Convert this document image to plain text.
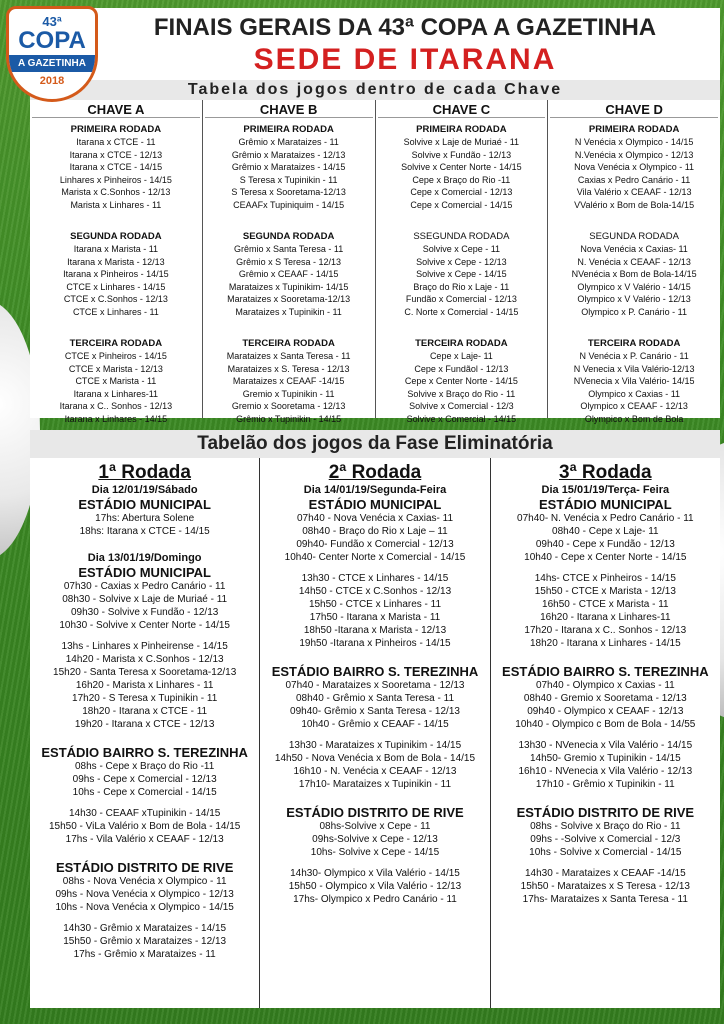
43ª
COPA
A GAZETINHA
2018
FINAIS GERAIS DA 43ª COPA A GAZETINHA
SEDE DE ITARANA
Tabela dos jogos dentro de cada Chave
CHAVE A
PRIMEIRA RODADA
Itarana x CTCE - 11
Itarana x CTCE - 12/13
Itarana x CTCE - 14/15
Linhares x Pinheiros - 14/15
Marista x C.Sonhos - 12/13
Marista x Linhares - 11
SEGUNDA RODADA
Itarana x Marista - 11
Itarana x Marista - 12/13
Itarana x Pinheiros - 14/15
CTCE x Linhares - 14/15
CTCE x C.Sonhos - 12/13
CTCE x Linhares - 11
TERCEIRA RODADA
CTCE x Pinheiros - 14/15
CTCE x Marista - 12/13
CTCE x Marista - 11
Itarana x Linhares-11
Itarana x C.. Sonhos - 12/13
Itarana x Linhares - 14/15
CHAVE B
PRIMEIRA RODADA
Grêmio x Marataizes - 11
Grêmio x Marataizes - 12/13
Grêmio x Marataizes - 14/15
S Teresa x Tupinikin - 11
S Teresa x Sooretama-12/13
CEAAFx Tupiniquim - 14/15
SEGUNDA RODADA
Grêmio x Santa Teresa - 11
Grêmio x S Teresa - 12/13
Grêmio x CEAAF - 14/15
Marataizes x Tupinikim- 14/15
Marataizes x Sooretama-12/13
Marataizes x Tupinikin - 11
TERCEIRA RODADA
Marataizes x Santa Teresa - 11
Marataizes x S. Teresa - 12/13
Marataizes x CEAAF -14/15
Gremio x Tupinikin - 11
Gremio x Sooretama - 12/13
Grêmio x Tupinikin - 14/15
CHAVE C
PRIMEIRA RODADA
Solvive x Laje de Muriaé - 11
Solvive x Fundão - 12/13
Solvive x Center Norte - 14/15
Cepe x Braço do Rio -11
Cepe x Comercial - 12/13
Cepe x Comercial - 14/15
SSEGUNDA RODADA
Solvive x Cepe - 11
Solvive x Cepe - 12/13
Solvive x Cepe - 14/15
Braço do Rio x Laje - 11
Fundão x Comercial - 12/13
C. Norte x Comercial - 14/15
TERCEIRA RODADA
Cepe x Laje- 11
Cepe x Fundãol - 12/13
Cepe x Center Norte - 14/15
Solvive x Braço do Rio - 11
Solvive x Comercial - 12/3
Solvive x Comercial - 14/15
CHAVE D
PRIMEIRA RODADA
N Venécia x Olympico - 14/15
N.Venécia x Olympico - 12/13
Nova Venécia x Olympico - 11
Caxias x Pedro Canário - 11
Vila Valério x CEAAF - 12/13
VValério x Bom de Bola-14/15
SEGUNDA RODADA
Nova Venécia x Caxias- 11
N. Venécia x CEAAF - 12/13
NVenécia x Bom de Bola-14/15
Olympico x V Valério - 14/15
Olympico x V Valério - 12/13
Olympico x P. Canário - 11
TERCEIRA RODADA
N Venécia x P. Canário - 11
N Venecia x Vila Valério-12/13
NVenecia x Vila Valério- 14/15
Olympico x Caxias - 11
Olympico x CEAAF - 12/13
Olympico x Bom de Bola
Tabelão dos jogos da Fase Eliminatória
1ª Rodada
Dia 12/01/19/Sábado
ESTÁDIO MUNICIPAL
17hs: Abertura Solene
18hs: Itarana x CTCE - 14/15
Dia 13/01/19/Domingo
ESTÁDIO MUNICIPAL
07h30 - Caxias x Pedro Canário - 11
08h30 - Solvive x Laje de Muriaé - 11
09h30 - Solvive x Fundão - 12/13
10h30 - Solvive x Center Norte - 14/15
13hs - Linhares x Pinheirense - 14/15
14h20 - Marista x C.Sonhos - 12/13
15h20 - Santa Teresa x Sooretama-12/13
16h20 - Marista x Linhares - 11
17h20 - S Teresa x Tupinikin - 11
18h20 - Itarana x CTCE - 11
19h20 - Itarana x CTCE - 12/13
ESTÁDIO BAIRRO S. TEREZINHA
08hs - Cepe x Braço do Rio -11
09hs - Cepe x Comercial - 12/13
10hs - Cepe x Comercial - 14/15
14h30 - CEAAF xTupinikin - 14/15
15h50 - ViLa Valério x Bom de Bola - 14/15
17hs - Vila Valério x CEAAF - 12/13
ESTÁDIO DISTRITO DE RIVE
08hs - Nova Venécia x Olympico - 11
09hs - Nova Venécia x Olympico - 12/13
10hs - Nova Venécia x Olympico - 14/15
14h30 - Grêmio x Marataizes - 14/15
15h50 - Grêmio x Marataizes - 12/13
17hs - Grêmio x Marataizes - 11
2ª Rodada
Dia 14/01/19/Segunda-Feira
ESTÁDIO MUNICIPAL
07h40 - Nova Venécia x Caxias- 11
08h40 - Braço do Rio x Laje – 11
09h40- Fundão x Comercial - 12/13
10h40- Center Norte x Comercial - 14/15
13h30 - CTCE x Linhares - 14/15
14h50 - CTCE x C.Sonhos - 12/13
15h50 - CTCE x Linhares - 11
17h50 - Itarana x Marista - 11
18h50 -Itarana x Marista - 12/13
19h50 -Itarana x Pinheiros - 14/15
ESTÁDIO BAIRRO S. TEREZINHA
07h40 - Marataizes x Sooretama - 12/13
08h40 - Grêmio x Santa Teresa - 11
09h40- Grêmio x Santa Teresa - 12/13
10h40 - Grêmio x CEAAF - 14/15
13h30 - Marataizes x Tupinikim - 14/15
14h50 - Nova Venécia x Bom de Bola - 14/15
16h10 - N. Venécia x CEAAF - 12/13
17h10- Marataizes x Tupinikin - 11
ESTÁDIO DISTRITO DE RIVE
08hs-Solvive x Cepe - 11
09hs-Solvive x Cepe - 12/13
10hs- Solvive x Cepe - 14/15
14h30- Olympico x Vila Valério - 14/15
15h50 - Olympico x Vila Valério - 12/13
17hs- Olympico x Pedro Canário - 11
3ª Rodada
Dia 15/01/19/Terça- Feira
ESTÁDIO MUNICIPAL
07h40- N. Venécia x Pedro Canário - 11
08h40 - Cepe x Laje- 11
09h40 - Cepe x Fundão - 12/13
10h40 - Cepe x Center Norte - 14/15
14hs- CTCE x Pinheiros - 14/15
15h50 - CTCE x Marista - 12/13
16h50 - CTCE x Marista - 11
16h20 - Itarana x Linhares-11
17h20 - Itarana x C.. Sonhos - 12/13
18h20 - Itarana x Linhares - 14/15
ESTÁDIO BAIRRO S. TEREZINHA
07h40 - Olympico x Caxias - 11
08h40 - Gremio x Sooretama - 12/13
09h40 - Olympico x CEAAF - 12/13
10h40 - Olympico c Bom de Bola - 14/55
13h30 - NVenecia x Vila Valério - 14/15
14h50- Gremio x Tupinikin - 14/15
16h10 - NVenecia x Vila Valério - 12/13
17h10 - Grêmio x Tupinikin - 11
ESTÁDIO DISTRITO DE RIVE
08hs - Solvive x Braço do Rio - 11
09hs - -Solvive x Comercial - 12/3
10hs - Solvive x Comercial - 14/15
14h30 - Marataizes x CEAAF -14/15
15h50 - Marataizes x S Teresa - 12/13
17hs- Marataizes x Santa Teresa - 11
